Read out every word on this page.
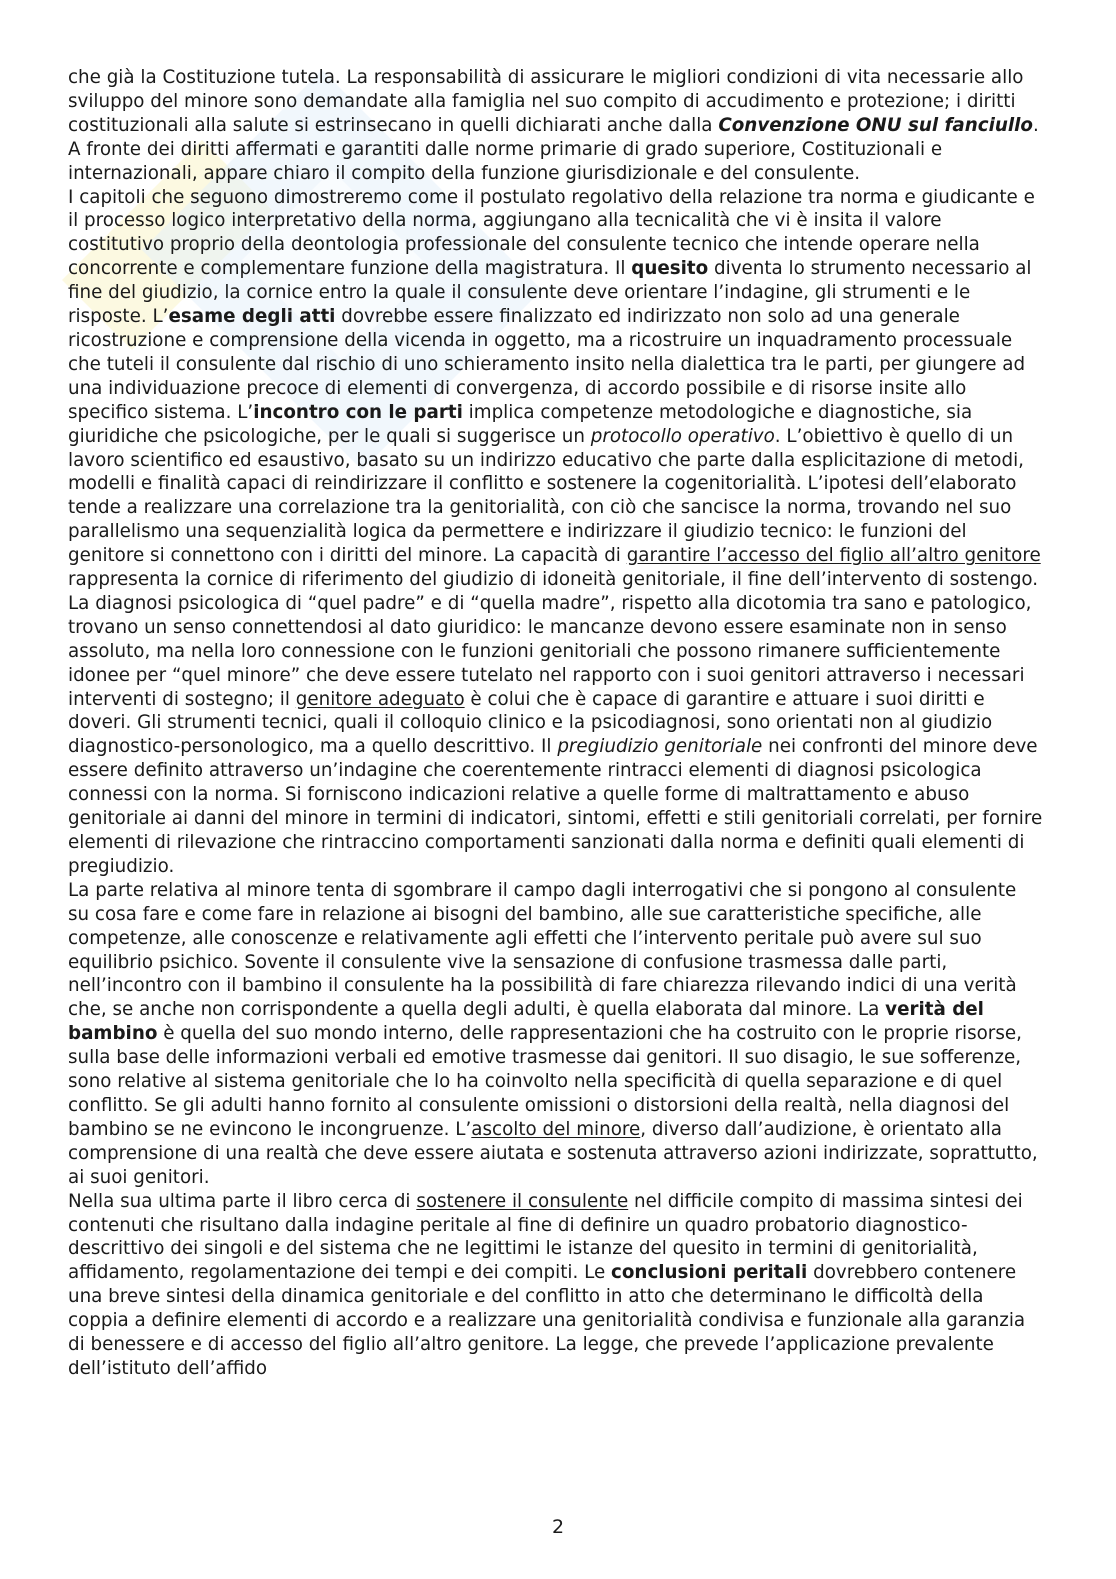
che già la Costituzione tutela. La responsabilità di assicurare le migliori condizioni di vita necessarie allo sviluppo del minore sono demandate alla famiglia nel suo compito di accudimento e protezione; i diritti costituzionali alla salute si estrinsecano in quelli dichiarati anche dalla Convenzione ONU sul fanciullo. A fronte dei diritti affermati e garantiti dalle norme primarie di grado superiore, Costituzionali e internazionali, appare chiaro il compito della funzione giurisdizionale e del consulente.

I capitoli che seguono dimostreremo come il postulato regolativo della relazione tra norma e giudicante e il processo logico interpretativo della norma, aggiungano alla tecnicalità che vi è insita il valore costitutivo proprio della deontologia professionale del consulente tecnico che intende operare nella concorrente e complementare funzione della magistratura. Il quesito diventa lo strumento necessario al fine del giudizio, la cornice entro la quale il consulente deve orientare l’indagine, gli strumenti e le risposte. L’esame degli atti dovrebbe essere finalizzato ed indirizzato non solo ad una generale ricostruzione e comprensione della vicenda in oggetto, ma a ricostruire un inquadramento processuale che tuteli il consulente dal rischio di uno schieramento insito nella dialettica tra le parti, per giungere ad una individuazione precoce di elementi di convergenza, di accordo possibile e di risorse insite allo specifico sistema. L’incontro con le parti implica competenze metodologiche e diagnostiche, sia giuridiche che psicologiche, per le quali si suggerisce un protocollo operativo. L’obiettivo è quello di un lavoro scientifico ed esaustivo, basato su un indirizzo educativo che parte dalla esplicitazione di metodi, modelli e finalità capaci di reindirizzare il conflitto e sostenere la cogenitorialità. L’ipotesi dell’elaborato tende a realizzare una correlazione tra la genitorialità, con ciò che sancisce la norma, trovando nel suo parallelismo una sequenzialità logica da permettere e indirizzare il giudizio tecnico: le funzioni del genitore si connettono con i diritti del minore. La capacità di garantire l’accesso del figlio all’altro genitore rappresenta la cornice di riferimento del giudizio di idoneità genitoriale, il fine dell’intervento di sostengo. La diagnosi psicologica di “quel padre” e di “quella madre”, rispetto alla dicotomia tra sano e patologico, trovano un senso connettendosi al dato giuridico: le mancanze devono essere esaminate non in senso assoluto, ma nella loro connessione con le funzioni genitoriali che possono rimanere sufficientemente idonee per “quel minore” che deve essere tutelato nel rapporto con i suoi genitori attraverso i necessari interventi di sostegno; il genitore adeguato è colui che è capace di garantire e attuare i suoi diritti e doveri. Gli strumenti tecnici, quali il colloquio clinico e la psicodiagnosi, sono orientati non al giudizio diagnostico-personologico, ma a quello descrittivo. Il pregiudizio genitoriale nei confronti del minore deve essere definito attraverso un’indagine che coerentemente rintracci elementi di diagnosi psicologica connessi con la norma. Si forniscono indicazioni relative a quelle forme di maltrattamento e abuso genitoriale ai danni del minore in termini di indicatori, sintomi, effetti e stili genitoriali correlati, per fornire elementi di rilevazione che rintraccino comportamenti sanzionati dalla norma e definiti quali elementi di pregiudizio.

La parte relativa al minore tenta di sgombrare il campo dagli interrogativi che si pongono al consulente su cosa fare e come fare in relazione ai bisogni del bambino, alle sue caratteristiche specifiche, alle competenze, alle conoscenze e relativamente agli effetti che l’intervento peritale può avere sul suo equilibrio psichico. Sovente il consulente vive la sensazione di confusione trasmessa dalle parti, nell’incontro con il bambino il consulente ha la possibilità di fare chiarezza rilevando indici di una verità che, se anche non corrispondente a quella degli adulti, è quella elaborata dal minore. La verità del bambino è quella del suo mondo interno, delle rappresentazioni che ha costruito con le proprie risorse, sulla base delle informazioni verbali ed emotive trasmesse dai genitori. Il suo disagio, le sue sofferenze, sono relative al sistema genitoriale che lo ha coinvolto nella specificità di quella separazione e di quel conflitto. Se gli adulti hanno fornito al consulente omissioni o distorsioni della realtà, nella diagnosi del bambino se ne evincono le incongruenze. L’ascolto del minore, diverso dall’audizione, è orientato alla comprensione di una realtà che deve essere aiutata e sostenuta attraverso azioni indirizzate, soprattutto, ai suoi genitori.

Nella sua ultima parte il libro cerca di sostenere il consulente nel difficile compito di massima sintesi dei contenuti che risultano dalla indagine peritale al fine di definire un quadro probatorio diagnostico-descrittivo dei singoli e del sistema che ne legittimi le istanze del quesito in termini di genitorialità, affidamento, regolamentazione dei tempi e dei compiti. Le conclusioni peritali dovrebbero contenere una breve sintesi della dinamica genitoriale e del conflitto in atto che determinano le difficoltà della coppia a definire elementi di accordo e a realizzare una genitorialità condivisa e funzionale alla garanzia di benessere e di accesso del figlio all’altro genitore. La legge, che prevede l’applicazione prevalente dell’istituto dell’affido

2
